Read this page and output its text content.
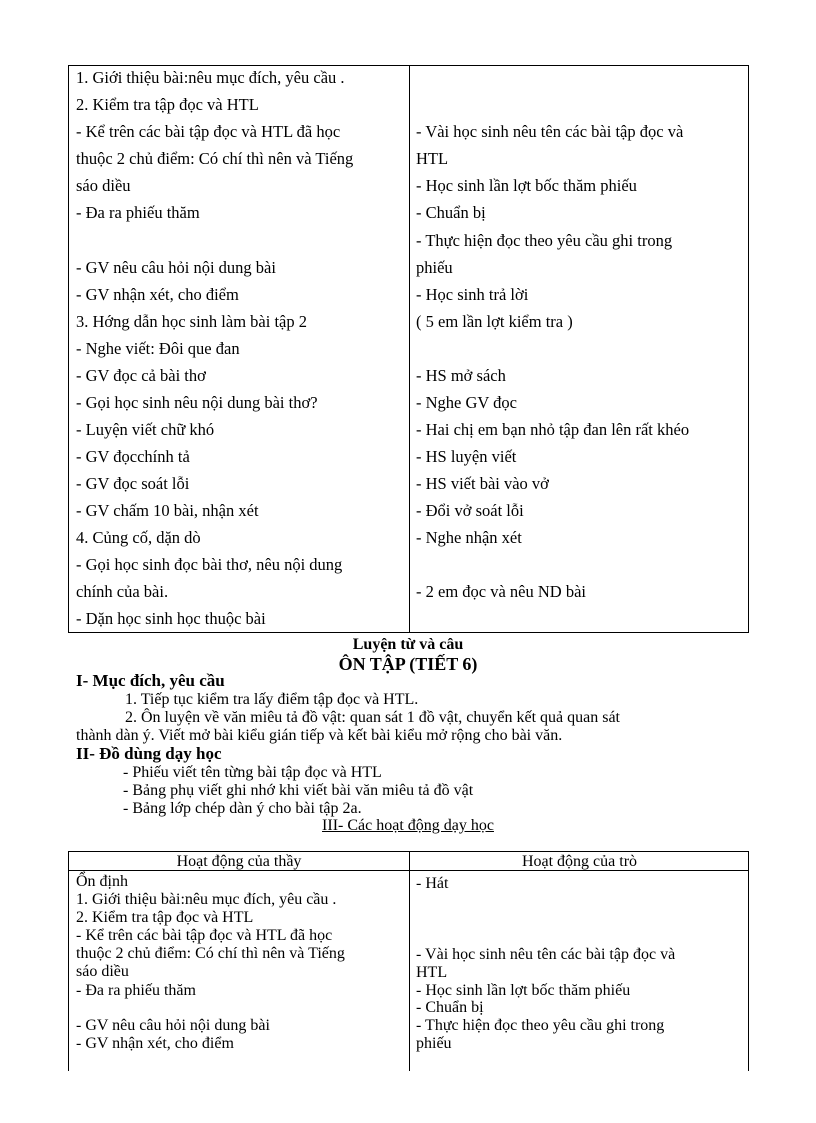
1. Giới thiệu bài:nêu mục đích, yêu cầu .
2. Kiểm tra tập đọc và HTL
- Kể trên các bài tập đọc và HTL đã học
thuộc 2 chủ điểm: Có chí thì nên và Tiếng
sáo diều
- Đa ra phiếu thăm
- GV nêu câu hỏi nội dung bài
- GV nhận xét, cho điểm
3. Hớng dẫn học sinh làm bài tập 2
- Nghe viết: Đôi que đan
- GV đọc cả bài thơ
- Gọi học sinh nêu nội dung bài thơ?
- Luyện viết chữ khó
- GV đọcchính tả
- GV đọc soát lỗi
- GV chấm 10 bài, nhận xét
4. Củng cố, dặn dò
- Gọi học sinh đọc bài thơ, nêu nội dung
chính của bài.
- Dặn học sinh học thuộc bài
- Vài học sinh nêu tên các bài tập đọc và
HTL
- Học sinh lần lợt bốc thăm phiếu
- Chuẩn bị
- Thực hiện đọc theo yêu cầu ghi trong
phiếu
- Học sinh trả lời
( 5 em lần lợt kiểm tra )
- HS mở sách
- Nghe GV đọc
- Hai chị em bạn nhỏ tập đan lên rất khéo
- HS luyện viết
- HS viết bài vào vở
- Đổi vở soát lỗi
- Nghe nhận xét
- 2 em đọc và nêu ND bài
Luyện từ và câu
ÔN TẬP (TIẾT 6)
I- Mục đích, yêu cầu
1. Tiếp tục kiểm tra lấy điểm tập đọc và HTL.
2. Ôn luyện về văn miêu tả đồ vật: quan sát 1 đồ vật, chuyển kết quả quan sát
thành dàn ý. Viết mở bài kiểu gián tiếp và kết bài kiểu mở rộng cho bài văn.
II- Đồ dùng dạy học
- Phiếu viết tên từng bài tập đọc và HTL
- Bảng phụ viết ghi nhớ khi viết bài văn miêu tả đồ vật
- Bảng lớp chép dàn ý cho bài tập 2a.
III- Các hoạt động dạy học
Hoạt động của thầy	Hoạt động của trò
Ổn định
1. Giới thiệu bài:nêu mục đích, yêu cầu .
2. Kiểm tra tập đọc và HTL
- Kể trên các bài tập đọc và HTL đã học
thuộc 2 chủ điểm: Có chí thì nên và Tiếng
sáo diều
- Đa ra phiếu thăm
- GV nêu câu hỏi nội dung bài
- GV nhận xét, cho điểm
- Hát
- Vài học sinh nêu tên các bài tập đọc và
HTL
- Học sinh lần lợt bốc thăm phiếu
- Chuẩn bị
- Thực hiện đọc theo yêu cầu ghi trong
phiếu
